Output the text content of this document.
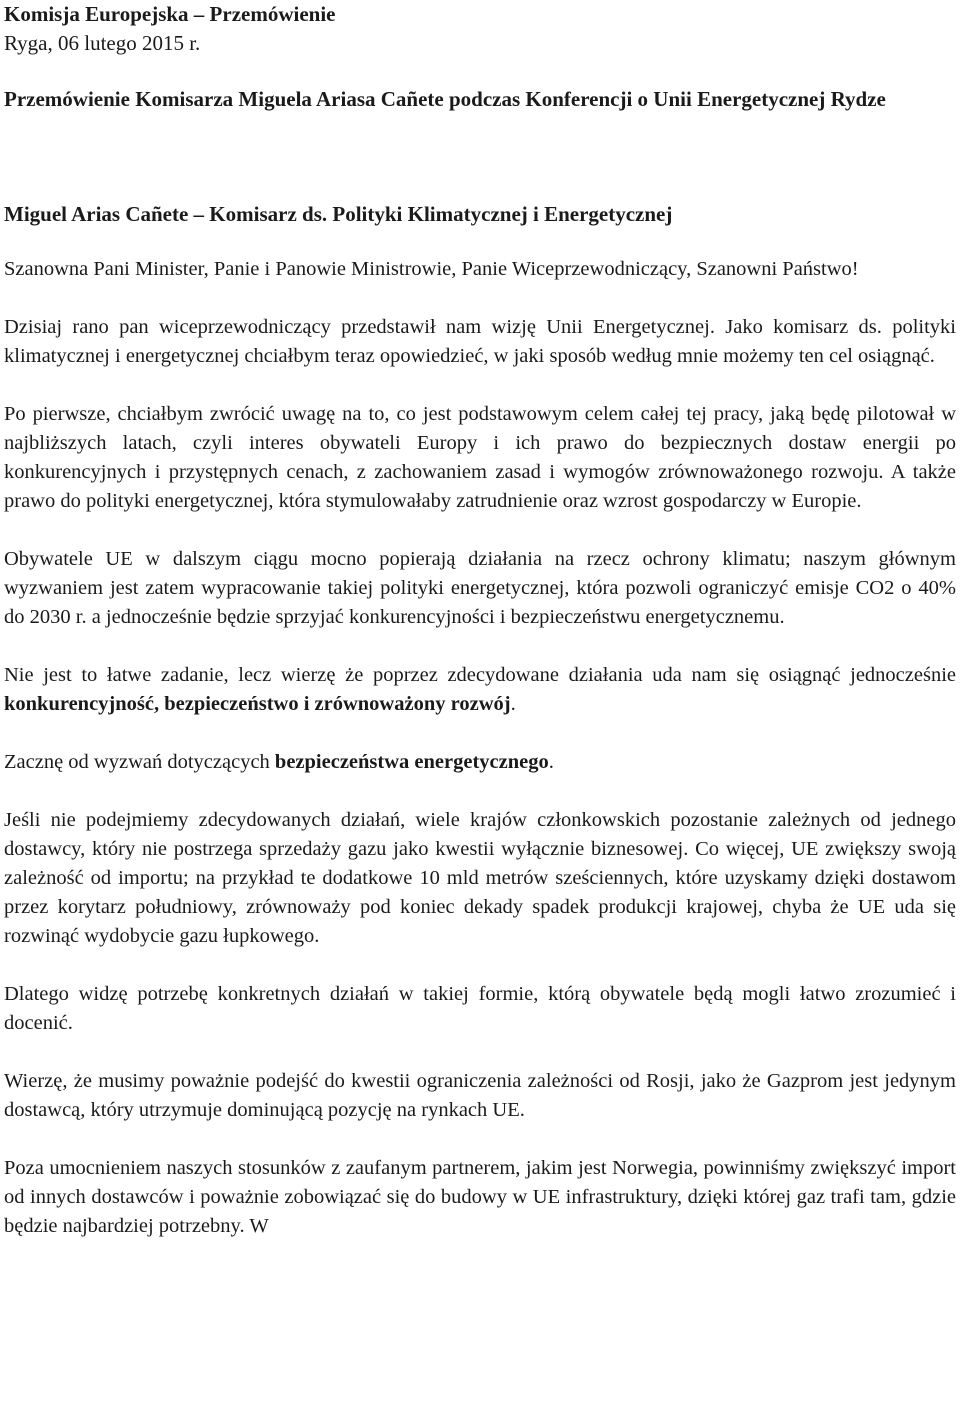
Komisja Europejska – Przemówienie

Ryga, 06 lutego 2015 r.

Przemówienie Komisarza Miguela Ariasa Cañete podczas Konferencji o Unii Energetycznej Rydze

Miguel Arias Cañete – Komisarz ds. Polityki Klimatycznej i Energetycznej

Szanowna Pani Minister, Panie i Panowie Ministrowie, Panie Wiceprzewodniczący, Szanowni Państwo!

Dzisiaj rano pan wiceprzewodniczący przedstawił nam wizję Unii Energetycznej. Jako komisarz ds. polityki klimatycznej i energetycznej chciałbym teraz opowiedzieć, w jaki sposób według mnie możemy ten cel osiągnąć.

Po pierwsze, chciałbym zwrócić uwagę na to, co jest podstawowym celem całej tej pracy, jaką będę pilotował w najbliższych latach, czyli interes obywateli Europy i ich prawo do bezpiecznych dostaw energii po konkurencyjnych i przystępnych cenach, z zachowaniem zasad i wymogów zrównoważonego rozwoju. A także prawo do polityki energetycznej, która stymulowałaby zatrudnienie oraz wzrost gospodarczy w Europie.

Obywatele UE w dalszym ciągu mocno popierają działania na rzecz ochrony klimatu; naszym głównym wyzwaniem jest zatem wypracowanie takiej polityki energetycznej, która pozwoli ograniczyć emisje CO2 o 40% do 2030 r. a jednocześnie będzie sprzyjać konkurencyjności i bezpieczeństwu energetycznemu.

Nie jest to łatwe zadanie, lecz wierzę że poprzez zdecydowane działania uda nam się osiągnąć jednocześnie konkurencyjność, bezpieczeństwo i zrównoważony rozwój.

Zacznę od wyzwań dotyczących bezpieczeństwa energetycznego.

Jeśli nie podejmiemy zdecydowanych działań, wiele krajów członkowskich pozostanie zależnych od jednego dostawcy, który nie postrzega sprzedaży gazu jako kwestii wyłącznie biznesowej. Co więcej, UE zwiększy swoją zależność od importu; na przykład te dodatkowe 10 mld metrów sześciennych, które uzyskamy dzięki dostawom przez korytarz południowy, zrównoważy pod koniec dekady spadek produkcji krajowej, chyba że UE uda się rozwinąć wydobycie gazu łupkowego.

Dlatego widzę potrzebę konkretnych działań w takiej formie, którą obywatele będą mogli łatwo zrozumieć i docenić.

Wierzę, że musimy poważnie podejść do kwestii ograniczenia zależności od Rosji, jako że Gazprom jest jedynym dostawcą, który utrzymuje dominującą pozycję na rynkach UE.

Poza umocnieniem naszych stosunków z zaufanym partnerem, jakim jest Norwegia, powinniśmy zwiększyć import od innych dostawców i poważnie zobowiązać się do budowy w UE infrastruktury, dzięki której gaz trafi tam, gdzie będzie najbardziej potrzebny. W
